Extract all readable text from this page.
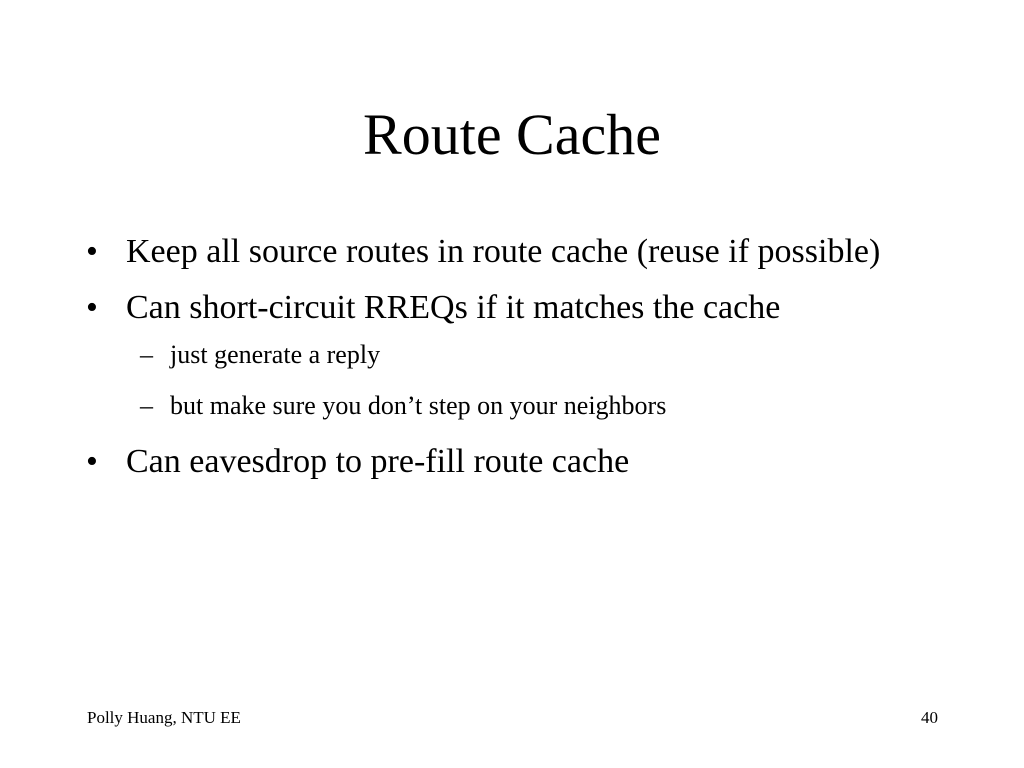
Route Cache
• Keep all source routes in route cache (reuse if possible)
• Can short-circuit RREQs if it matches the cache
– just generate a reply
– but make sure you don’t step on your neighbors
• Can eavesdrop to pre-fill route cache
Polly Huang, NTU EE	40
